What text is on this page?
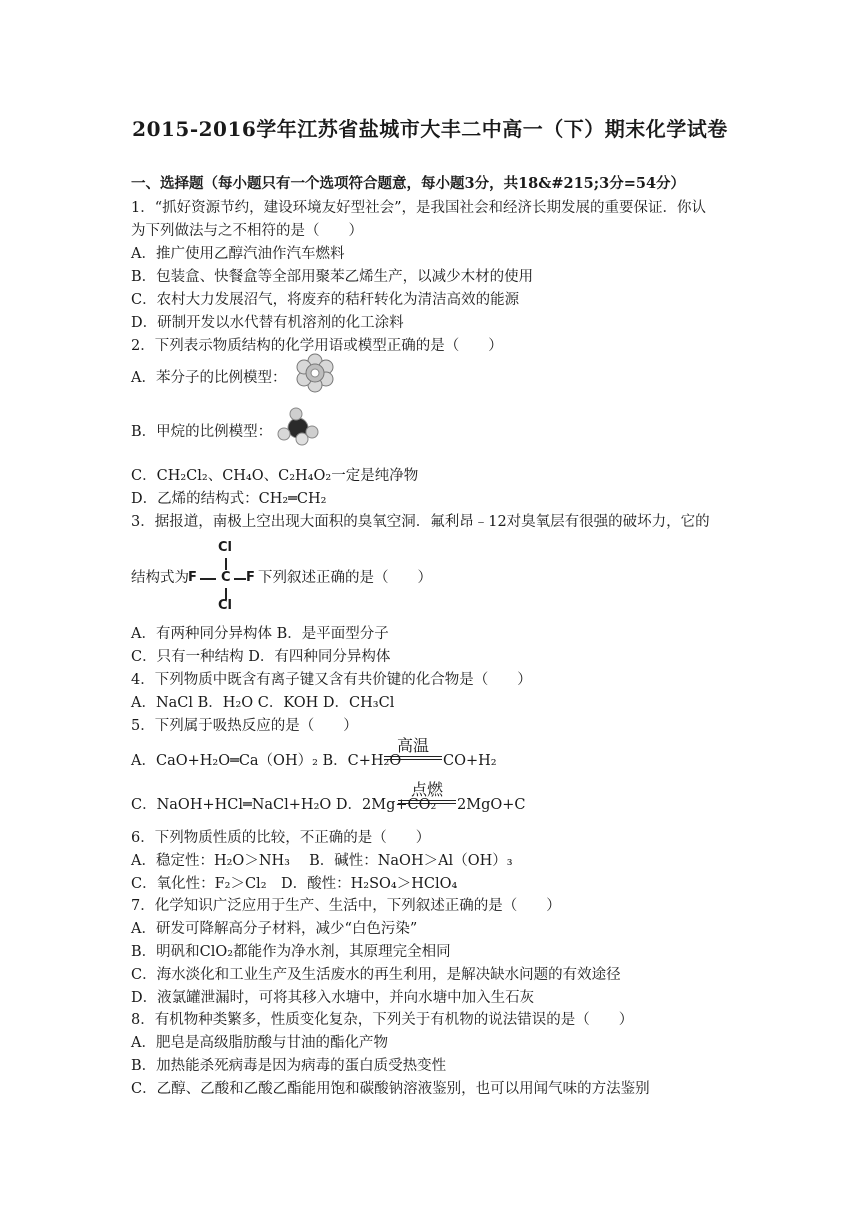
2015-2016学年江苏省盐城市大丰二中高一（下）期末化学试卷
一、选择题（每小题只有一个选项符合题意，每小题3分，共18&#215;3分=54分）
1．“抓好资源节约，建设环境友好型社会”，是我国社会和经济长期发展的重要保证．你认
为下列做法与之不相符的是（　　）
A．推广使用乙醇汽油作汽车燃料
B．包装盒、快餐盒等全部用聚苯乙烯生产，以减少木材的使用
C．农村大力发展沼气，将废弃的秸秆转化为清洁高效的能源
D．研制开发以水代替有机溶剂的化工涂料
2．下列表示物质结构的化学用语或模型正确的是（　　）
A．苯分子的比例模型：
B．甲烷的比例模型：
C．CH₂Cl₂、CH₄O、C₂H₄O₂一定是纯净物
D．乙烯的结构式：CH₂═CH₂
3．据报道，南极上空出现大面积的臭氧空洞．氟利昂﹣12对臭氧层有很强的破坏力，它的
结构式为
Cl
F C F
Cl
下列叙述正确的是（　　）
A．有两种同分异构体 B．是平面型分子
C．只有一种结构 D．有四种同分异构体
4．下列物质中既含有离子键又含有共价键的化合物是（　　）
A．NaCl B．H₂O C．KOH D．CH₃Cl
5．下列属于吸热反应的是（　　）
A．CaO+H₂O═Ca（OH）₂ B．C+H₂O
高温
CO+H₂
C．NaOH+HCl═NaCl+H₂O D．2Mg+CO₂
点燃
2MgO+C
6．下列物质性质的比较，不正确的是（　　）
A．稳定性：H₂O＞NH₃　 B．碱性：NaOH＞Al（OH）₃
C．氧化性：F₂＞Cl₂　D．酸性：H₂SO₄＞HClO₄
7．化学知识广泛应用于生产、生活中，下列叙述正确的是（　　）
A．研发可降解高分子材料，减少“白色污染”
B．明矾和ClO₂都能作为净水剂，其原理完全相同
C．海水淡化和工业生产及生活废水的再生利用，是解决缺水问题的有效途径
D．液氯罐泄漏时，可将其移入水塘中，并向水塘中加入生石灰
8．有机物种类繁多，性质变化复杂，下列关于有机物的说法错误的是（　　）
A．肥皂是高级脂肪酸与甘油的酯化产物
B．加热能杀死病毒是因为病毒的蛋白质受热变性
C．乙醇、乙酸和乙酸乙酯能用饱和碳酸钠溶液鉴别，也可以用闻气味的方法鉴别
